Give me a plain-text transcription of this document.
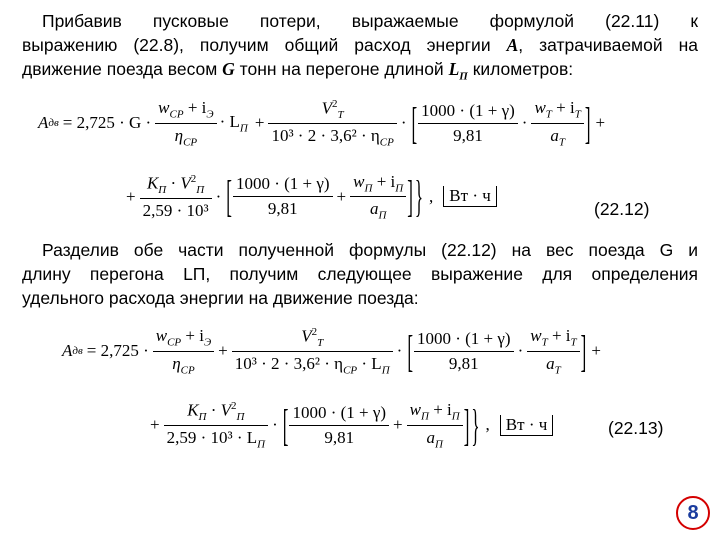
Прибавив пусковые потери, выражаемые формулой (22.11) к
выражению (22.8), получим общий расход энергии A, затрачиваемой на
движение поезда весом G тонн на перегоне длиной $L_П$ километров:
A дв = $2,725 \cdot G \cdot \frac{w_{CP} + i_Э}{\eta_{CP}} \cdot L_П + \frac{V^2_T}{10^3 \cdot 2 \cdot 3,6^2 \cdot \eta_{CP}}$ · [ $\frac{1000 \cdot (1 + \gamma)}{9,81} \cdot \frac{w_T + i_T}{a_T}$ ] +
+ $\frac{K_П \cdot V^2_П}{\text{2,59 · 10³}}$ · [ $\frac{1000 \cdot (1 + \gamma)}{9,81} + \frac{w_П + i_П}{a_П}$ ] } , Вт · ч
(22.12)
Разделив обе части полученной формулы (22.12) на вес поезда G и
длину перегона LП, получим следующее выражение для определения
удельного расхода энергии на движение поезда:
A дв = $2,725 \cdot \frac{w_{CP} + i_Э}{\eta_{CP}} + \frac{V^2_T}{10^3 \cdot 2 \cdot 3,6^2 \cdot \eta_{CP} \cdot L_П}$ · [ $\frac{1000 \cdot (1 + \gamma)}{9,81} \cdot \frac{w_T + i_T}{a_T}$ ] +
+ $\frac{K_П \cdot V^2_П}{2,59 \cdot 10^3 \cdot L_П}$ · [ $\frac{1000 \cdot (1 + \gamma)}{9,81} + \frac{w_П + i_П}{a_П}$ ] } , Вт · ч	(22.13)
8
